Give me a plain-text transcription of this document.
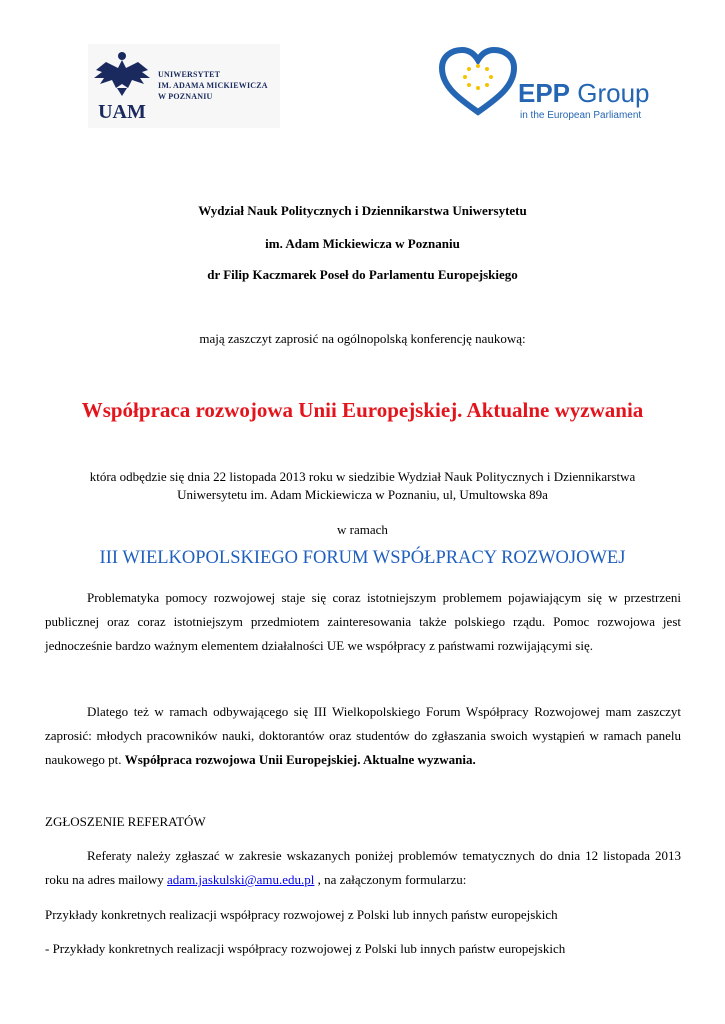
UAM
UNIWERSYTET
IM. ADAMA MICKIEWICZA
W POZNANIU	EPP Group
in the European Parliament
Wydział Nauk Politycznych i Dziennikarstwa Uniwersytetu
im. Adam Mickiewicza w Poznaniu
dr Filip Kaczmarek Poseł do Parlamentu Europejskiego
mają zaszczyt zaprosić na ogólnopolską konferencję naukową:
Współpraca rozwojowa Unii Europejskiej. Aktualne wyzwania
która odbędzie się dnia 22 listopada 2013 roku w siedzibie Wydział Nauk Politycznych i Dziennikarstwa
Uniwersytetu im. Adam Mickiewicza w Poznaniu, ul, Umultowska 89a
w ramach
III WIELKOPOLSKIEGO FORUM WSPÓŁPRACY ROZWOJOWEJ
Problematyka pomocy rozwojowej staje się coraz istotniejszym problemem pojawiającym się w przestrzeni publicznej oraz coraz istotniejszym przedmiotem zainteresowania także polskiego rządu. Pomoc rozwojowa jest jednocześnie bardzo ważnym elementem działalności UE we współpracy z państwami rozwijającymi się.
Dlatego też w ramach odbywającego się III Wielkopolskiego Forum Współpracy Rozwojowej mam zaszczyt zaprosić: młodych pracowników nauki, doktorantów oraz studentów do zgłaszania swoich wystąpień w ramach panelu naukowego pt. Współpraca rozwojowa Unii Europejskiej. Aktualne wyzwania.
ZGŁOSZENIE REFERATÓW
Referaty należy zgłaszać w zakresie wskazanych poniżej problemów tematycznych do dnia 12 listopada 2013 roku na adres mailowy adam.jaskulski@amu.edu.pl , na załączonym formularzu:
Przykłady konkretnych realizacji współpracy rozwojowej z Polski lub innych państw europejskich
- Przykłady konkretnych realizacji współpracy rozwojowej z Polski lub innych państw europejskich
